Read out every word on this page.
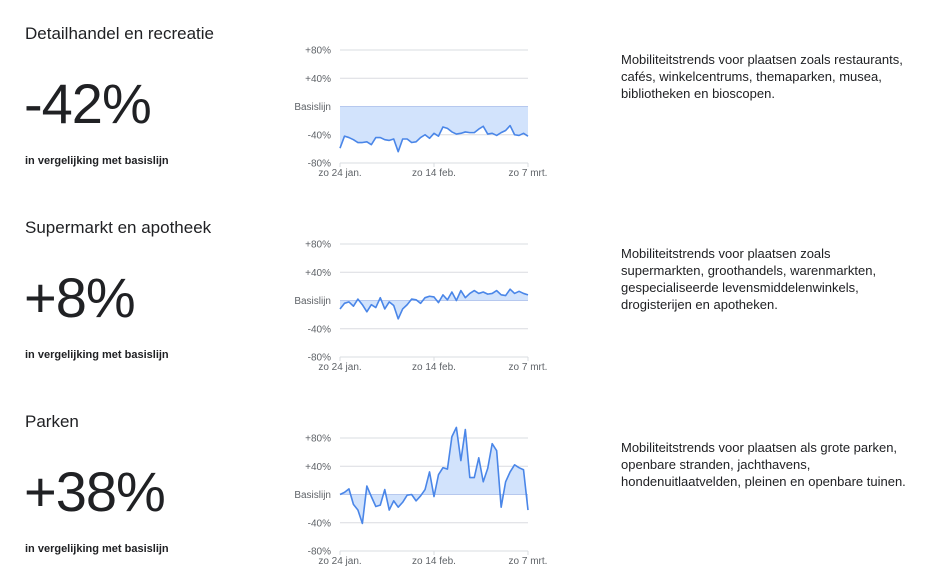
Detailhandel en recreatie
-42%
in vergelijking met basislijn
+80%
+40%
Basislijn
-40%
-80%
zo 24 jan.	zo 14 feb.	zo 7 mrt.
Mobiliteitstrends voor plaatsen zoals restaurants, cafés, winkelcentrums, themaparken, musea, bibliotheken en bioscopen.
Supermarkt en apotheek
+8%
in vergelijking met basislijn
+80%
+40%
Basislijn
-40%
-80%
zo 24 jan.	zo 14 feb.	zo 7 mrt.
Mobiliteitstrends voor plaatsen zoals supermarkten, groothandels, warenmarkten, gespecialiseerde levensmiddelenwinkels, drogisterijen en apotheken.
Parken
+38%
in vergelijking met basislijn
+80%
+40%
Basislijn
-40%
-80%
zo 24 jan.	zo 14 feb.	zo 7 mrt.
Mobiliteitstrends voor plaatsen als grote parken, openbare stranden, jachthavens, hondenuitlaatvelden, pleinen en openbare tuinen.
